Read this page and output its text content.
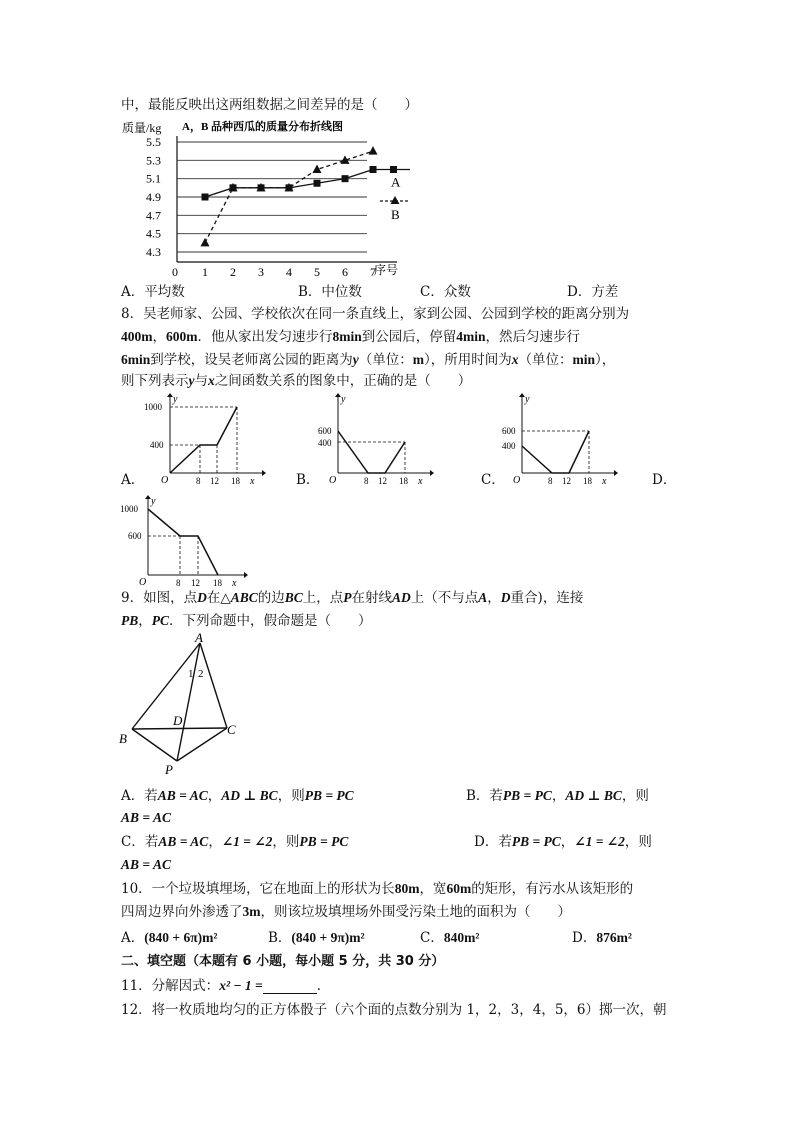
中，最能反映出这两组数据之间差异的是（　　）
质量/kg A，B 品种西瓜的质量分布折线图
0	序号
4.3
4.5
4.7
4.9
5.1
5.3
5.5
1 2 3 4 5 6 7
A
B
A．平均数	B．中位数	C．众数	D．方差
8．吴老师家、公园、学校依次在同一条直线上，家到公园、公园到学校的距离分别为
400m，600m．他从家出发匀速步行8min到公园后，停留4min，然后匀速步行
6min到学校，设吴老师离公园的距离为y（单位：m），所用时间为x（单位：min），
则下列表示y与x之间函数关系的图象中，正确的是（　　）
y
1000
400
O	8 12 18 x
A．
y
600
400
O	8 12 18 x
B．
y
600
400
O	8 12 18 x
C．	D．
y
1000
600
O	8 12 18 x
9．如图，点D在△ABC的边BC上，点P在射线AD上（不与点A，D重合)，连接
PB，PC．下列命题中，假命题是（　　）
A
1 2
D
B
C
P
A．若AB = AC，AD ⊥ BC，则PB = PC	B．若PB = PC，AD ⊥ BC，则
AB = AC
C．若AB = AC，∠1 = ∠2，则PB = PC	D．若PB = PC，∠1 = ∠2，则
AB = AC
10．一个垃圾填埋场，它在地面上的形状为长80m，宽60m的矩形，有污水从该矩形的
四周边界向外渗透了3m，则该垃圾填埋场外围受污染土地的面积为（　　）
A．(840 + 6π)m²	B．(840 + 9π)m²	C．840m²	D．876m²
二、填空题（本题有 6 小题，每小题 5 分，共 30 分）
11．分解因式：x² − 1 =	．
12．将一枚质地均匀的正方体骰子（六个面的点数分别为 1，2，3，4，5，6）掷一次，朝
